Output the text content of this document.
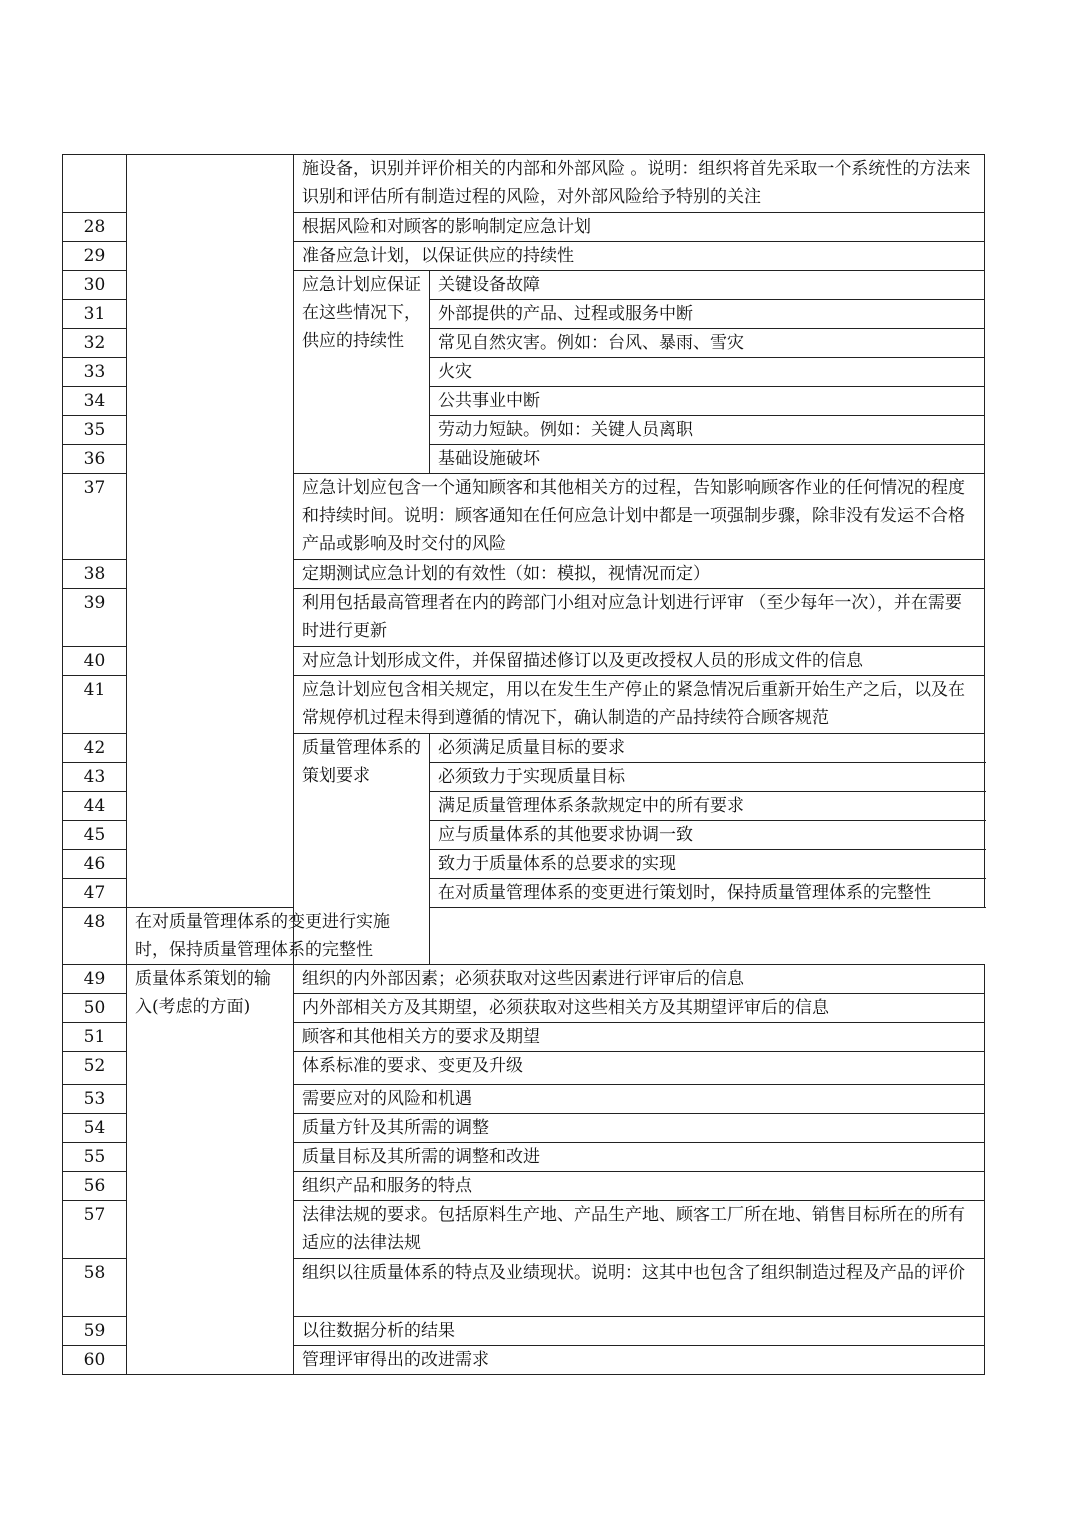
		施设备，识别并评价相关的内部和外部风险 。说明：组织将首先采取一个系统性的方法来识别和评估所有制造过程的风险，对外部风险给予特别的关注	
28		根据风险和对顾客的影响制定应急计划	
29		准备应急计划，以保证供应的持续性	
30		应急计划应保证在这些情况下，供应的持续性	关键设备故障
31			外部提供的产品、过程或服务中断
32			常见自然灾害。例如：台风、暴雨、雪灾
33			火灾
34			公共事业中断
35			劳动力短缺。例如：关键人员离职
36			基础设施破坏
37		应急计划应包含一个通知顾客和其他相关方的过程，告知影响顾客作业的任何情况的程度和持续时间。说明：顾客通知在任何应急计划中都是一项强制步骤，除非没有发运不合格产品或影响及时交付的风险	
38		定期测试应急计划的有效性（如：模拟，视情况而定）	
39		利用包括最高管理者在内的跨部门小组对应急计划进行评审 （至少每年一次），并在需要时进行更新	
40		对应急计划形成文件，并保留描述修订以及更改授权人员的形成文件的信息	
41		应急计划应包含相关规定，用以在发生生产停止的紧急情况后重新开始生产之后，以及在常规停机过程未得到遵循的情况下，确认制造的产品持续符合顾客规范	
42		质量管理体系的策划要求	必须满足质量目标的要求
43			必须致力于实现质量目标
44			满足质量管理体系条款规定中的所有要求
45			应与质量体系的其他要求协调一致
46			致力于质量体系的总要求的实现
47			在对质量管理体系的变更进行策划时，保持质量管理体系的完整性
48	在对质量管理体系的变更进行实施时，保持质量管理体系的完整性		
49	质量体系策划的输入(考虑的方面)	组织的内外部因素；必须获取对这些因素进行评审后的信息	
50		内外部相关方及其期望，必须获取对这些相关方及其期望评审后的信息	
51		顾客和其他相关方的要求及期望	
52		体系标准的要求、变更及升级	
53		需要应对的风险和机遇	
54		质量方针及其所需的调整	
55		质量目标及其所需的调整和改进	
56		组织产品和服务的特点	
57		法律法规的要求。包括原料生产地、产品生产地、顾客工厂所在地、销售目标所在的所有适应的法律法规	
58		组织以往质量体系的特点及业绩现状。说明：这其中也包含了组织制造过程及产品的评价	
59		以往数据分析的结果	
60		管理评审得出的改进需求	
